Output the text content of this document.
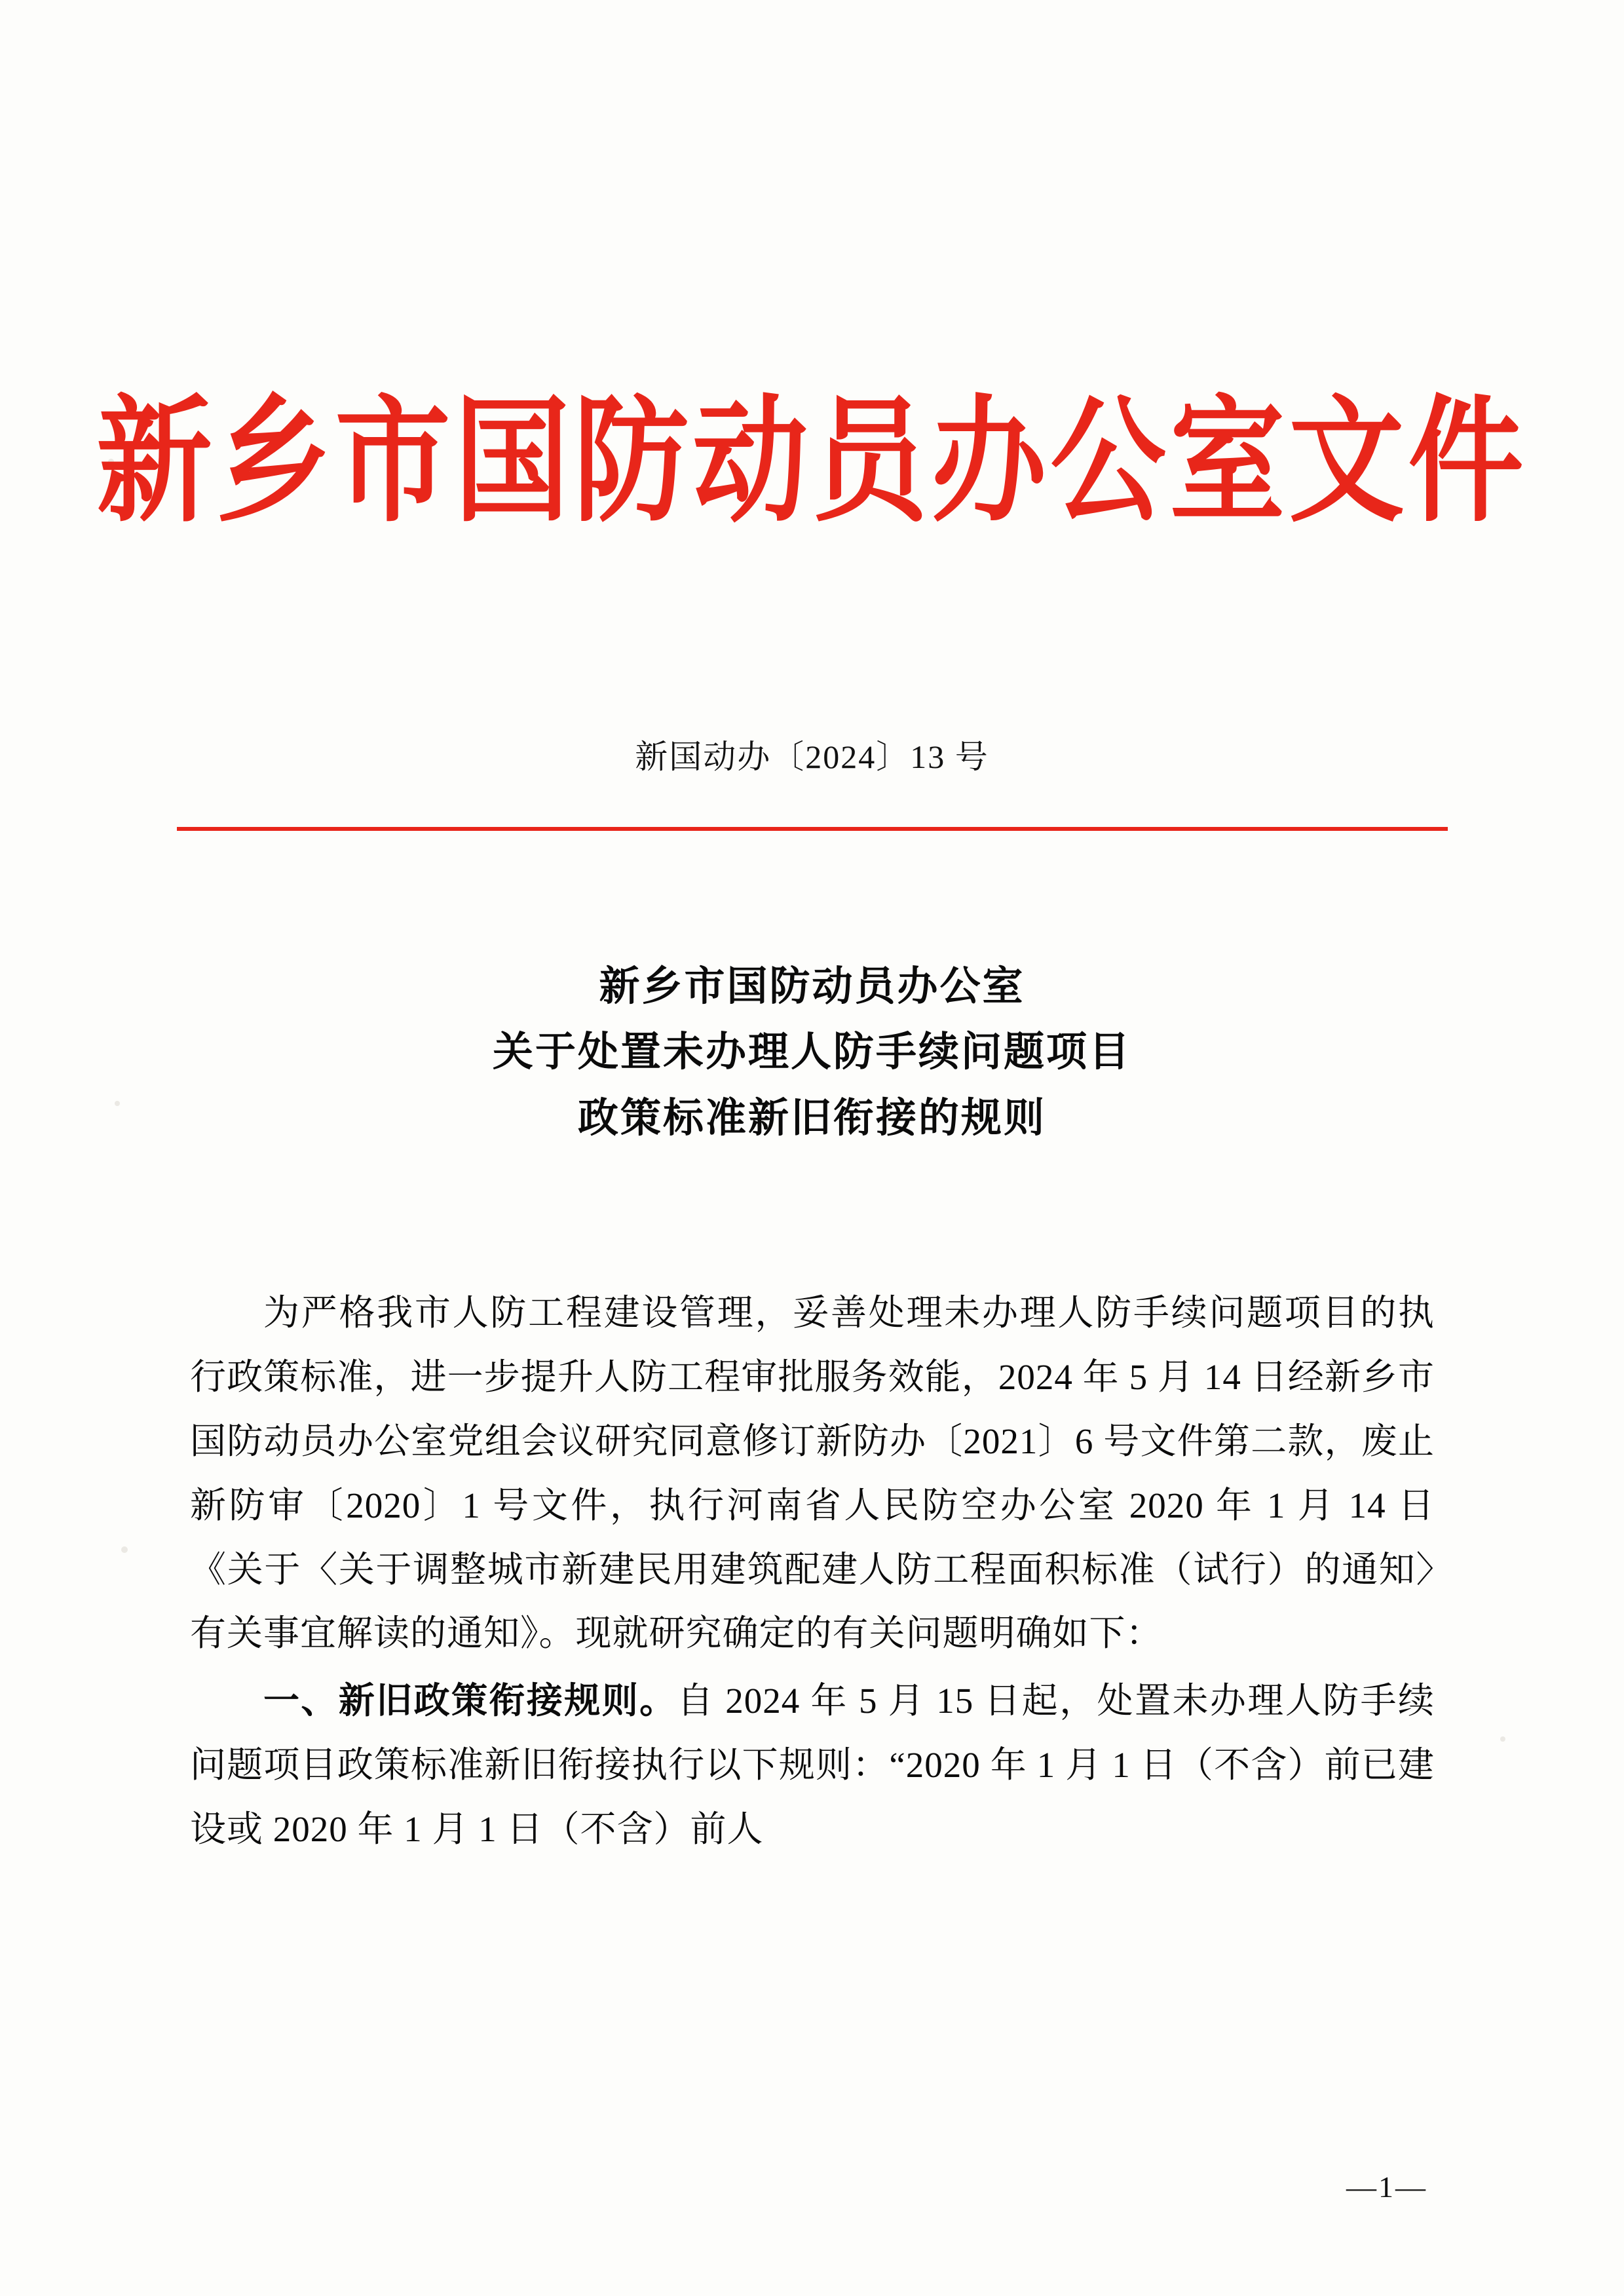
新乡市国防动员办公室文件
新国动办〔2024〕13 号
新乡市国防动员办公室
关于处置未办理人防手续问题项目
政策标准新旧衔接的规则

为严格我市人防工程建设管理，妥善处理未办理人防手续问题项目的执行政策标准，进一步提升人防工程审批服务效能，2024 年 5 月 14 日经新乡市国防动员办公室党组会议研究同意修订新防办〔2021〕6 号文件第二款，废止新防审〔2020〕1 号文件，执行河南省人民防空办公室 2020 年 1 月 14 日《关于〈关于调整城市新建民用建筑配建人防工程面积标准（试行）的通知〉有关事宜解读的通知》。现就研究确定的有关问题明确如下：

一、新旧政策衔接规则。自 2024 年 5 月 15 日起，处置未办理人防手续问题项目政策标准新旧衔接执行以下规则：“2020 年 1 月 1 日（不含）前已建设或 2020 年 1 月 1 日（不含）前人

—1—
